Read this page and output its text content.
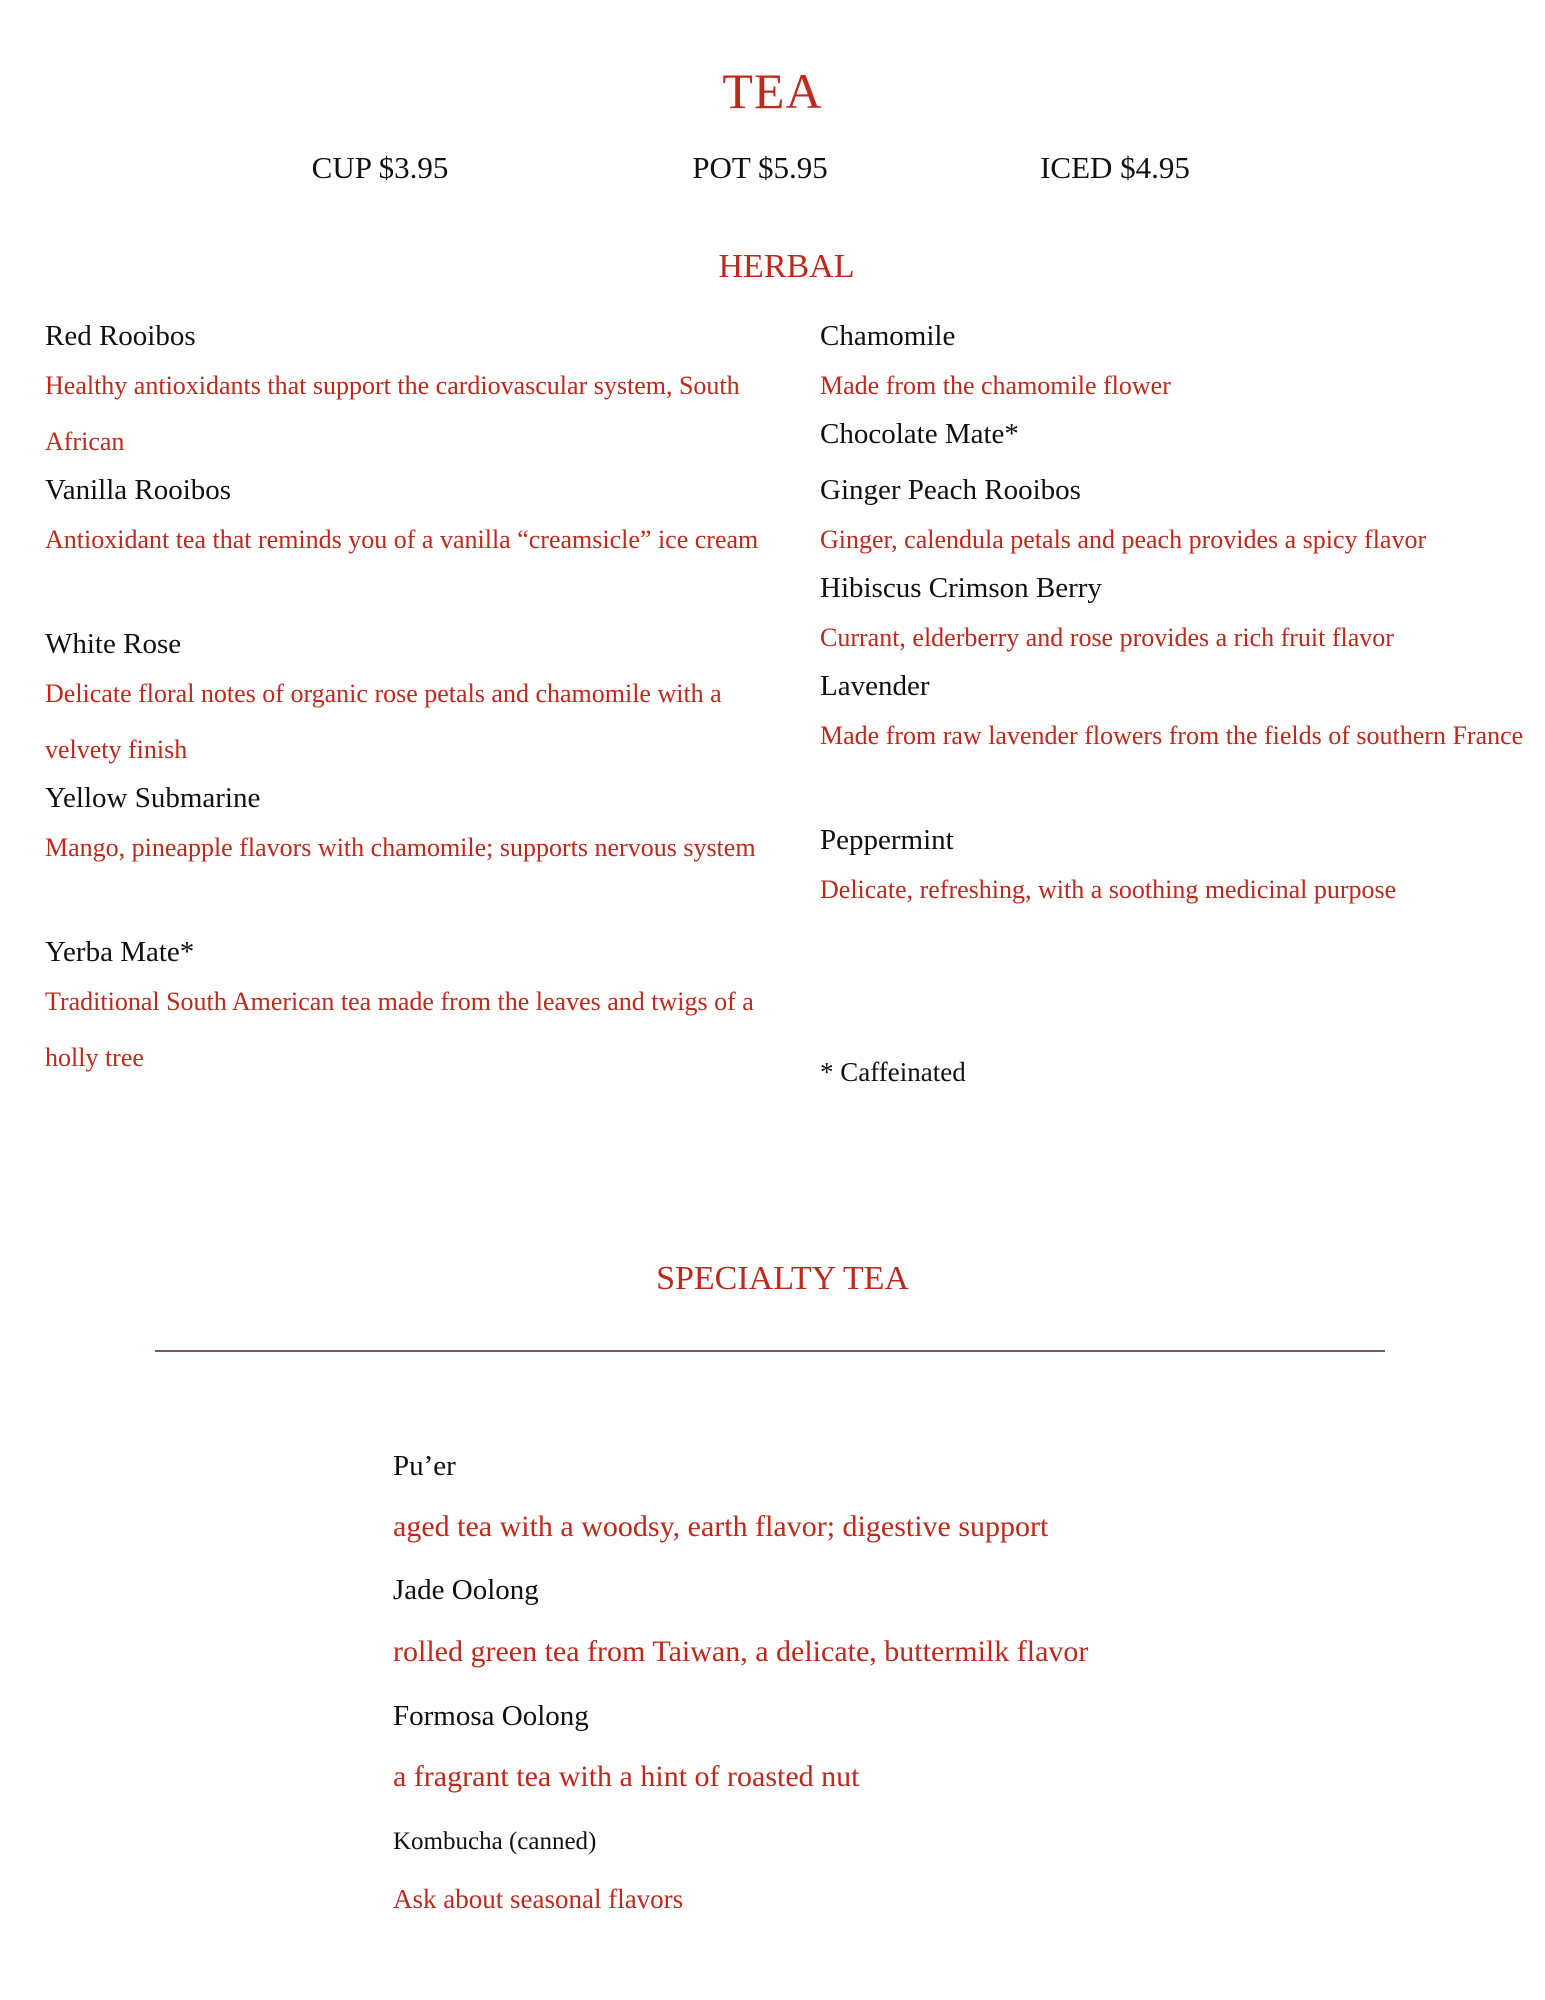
TEA
CUP $3.95	POT $5.95	ICED $4.95
HERBAL
Red Rooibos
Healthy antioxidants that support the cardiovascular system, South African
Vanilla Rooibos
Antioxidant tea that reminds you of a vanilla “creamsicle” ice cream
White Rose
Delicate floral notes of organic rose petals and chamomile with a velvety finish
Yellow Submarine
Mango, pineapple flavors with chamomile; supports nervous system
Yerba Mate*
Traditional South American tea made from the leaves and twigs of a holly tree
Chamomile
Made from the chamomile flower
Chocolate Mate*
Ginger Peach Rooibos
Ginger, calendula petals and peach provides a spicy flavor
Hibiscus Crimson Berry
Currant, elderberry and rose provides a rich fruit flavor
Lavender
Made from raw lavender flowers from the fields of southern France
Peppermint
Delicate, refreshing, with a soothing medicinal purpose
* Caffeinated
SPECIALTY TEA
Pu’er
aged tea with a woodsy, earth flavor; digestive support
Jade Oolong
rolled green tea from Taiwan, a delicate, buttermilk flavor
Formosa Oolong
a fragrant tea with a hint of roasted nut
Kombucha (canned)
Ask about seasonal flavors
